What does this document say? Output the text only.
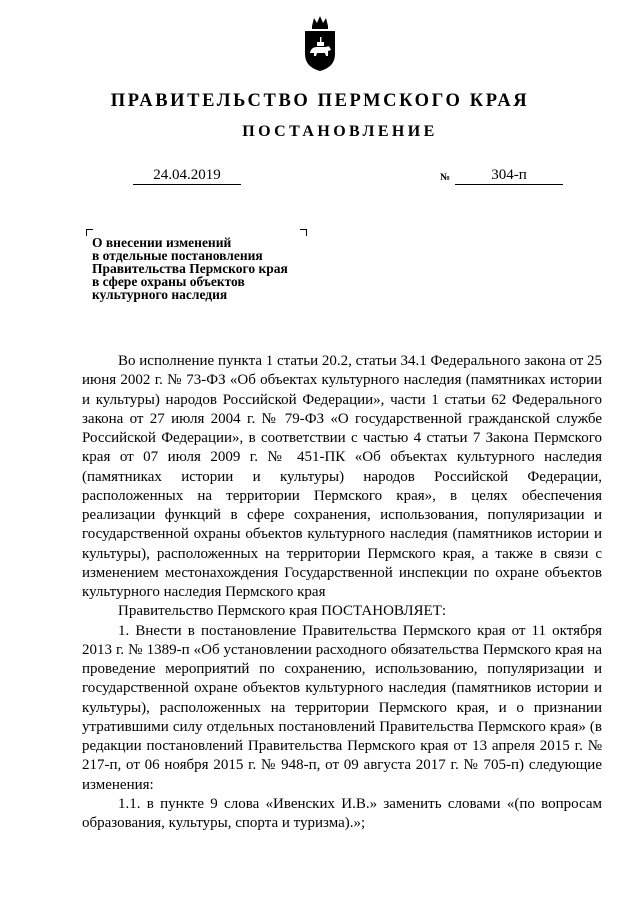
ПРАВИТЕЛЬСТВО ПЕРМСКОГО КРАЯ
ПОСТАНОВЛЕНИЕ
24.04.2019	№	304-п
О внесении изменений
в отдельные постановления
Правительства Пермского края
в сфере охраны объектов
культурного наследия

Во исполнение пункта 1 статьи 20.2, статьи 34.1 Федерального закона от 25 июня 2002 г. № 73-ФЗ «Об объектах культурного наследия (памятниках истории и культуры) народов Российской Федерации», части 1 статьи 62 Федерального закона от 27 июля 2004 г. № 79-ФЗ «О государственной гражданской службе Российской Федерации», в соответствии с частью 4 статьи 7 Закона Пермского края от 07 июля 2009 г. № 451-ПК «Об объектах культурного наследия (памятниках истории и культуры) народов Российской Федерации, расположенных на территории Пермского края», в целях обеспечения реализации функций в сфере сохранения, использования, популяризации и государственной охраны объектов культурного наследия (памятников истории и культуры), расположенных на территории Пермского края, а также в связи с изменением местонахождения Государственной инспекции по охране объектов культурного наследия Пермского края

Правительство Пермского края ПОСТАНОВЛЯЕТ:

1. Внести в постановление Правительства Пермского края от 11 октября 2013 г. № 1389-п «Об установлении расходного обязательства Пермского края на проведение мероприятий по сохранению, использованию, популяризации и государственной охране объектов культурного наследия (памятников истории и культуры), расположенных на территории Пермского края, и о признании утратившими силу отдельных постановлений Правительства Пермского края» (в редакции постановлений Правительства Пермского края от 13 апреля 2015 г. № 217-п, от 06 ноября 2015 г. № 948-п, от 09 августа 2017 г. № 705-п) следующие изменения:

1.1. в пункте 9 слова «Ивенских И.В.» заменить словами «(по вопросам образования, культуры, спорта и туризма).»;
